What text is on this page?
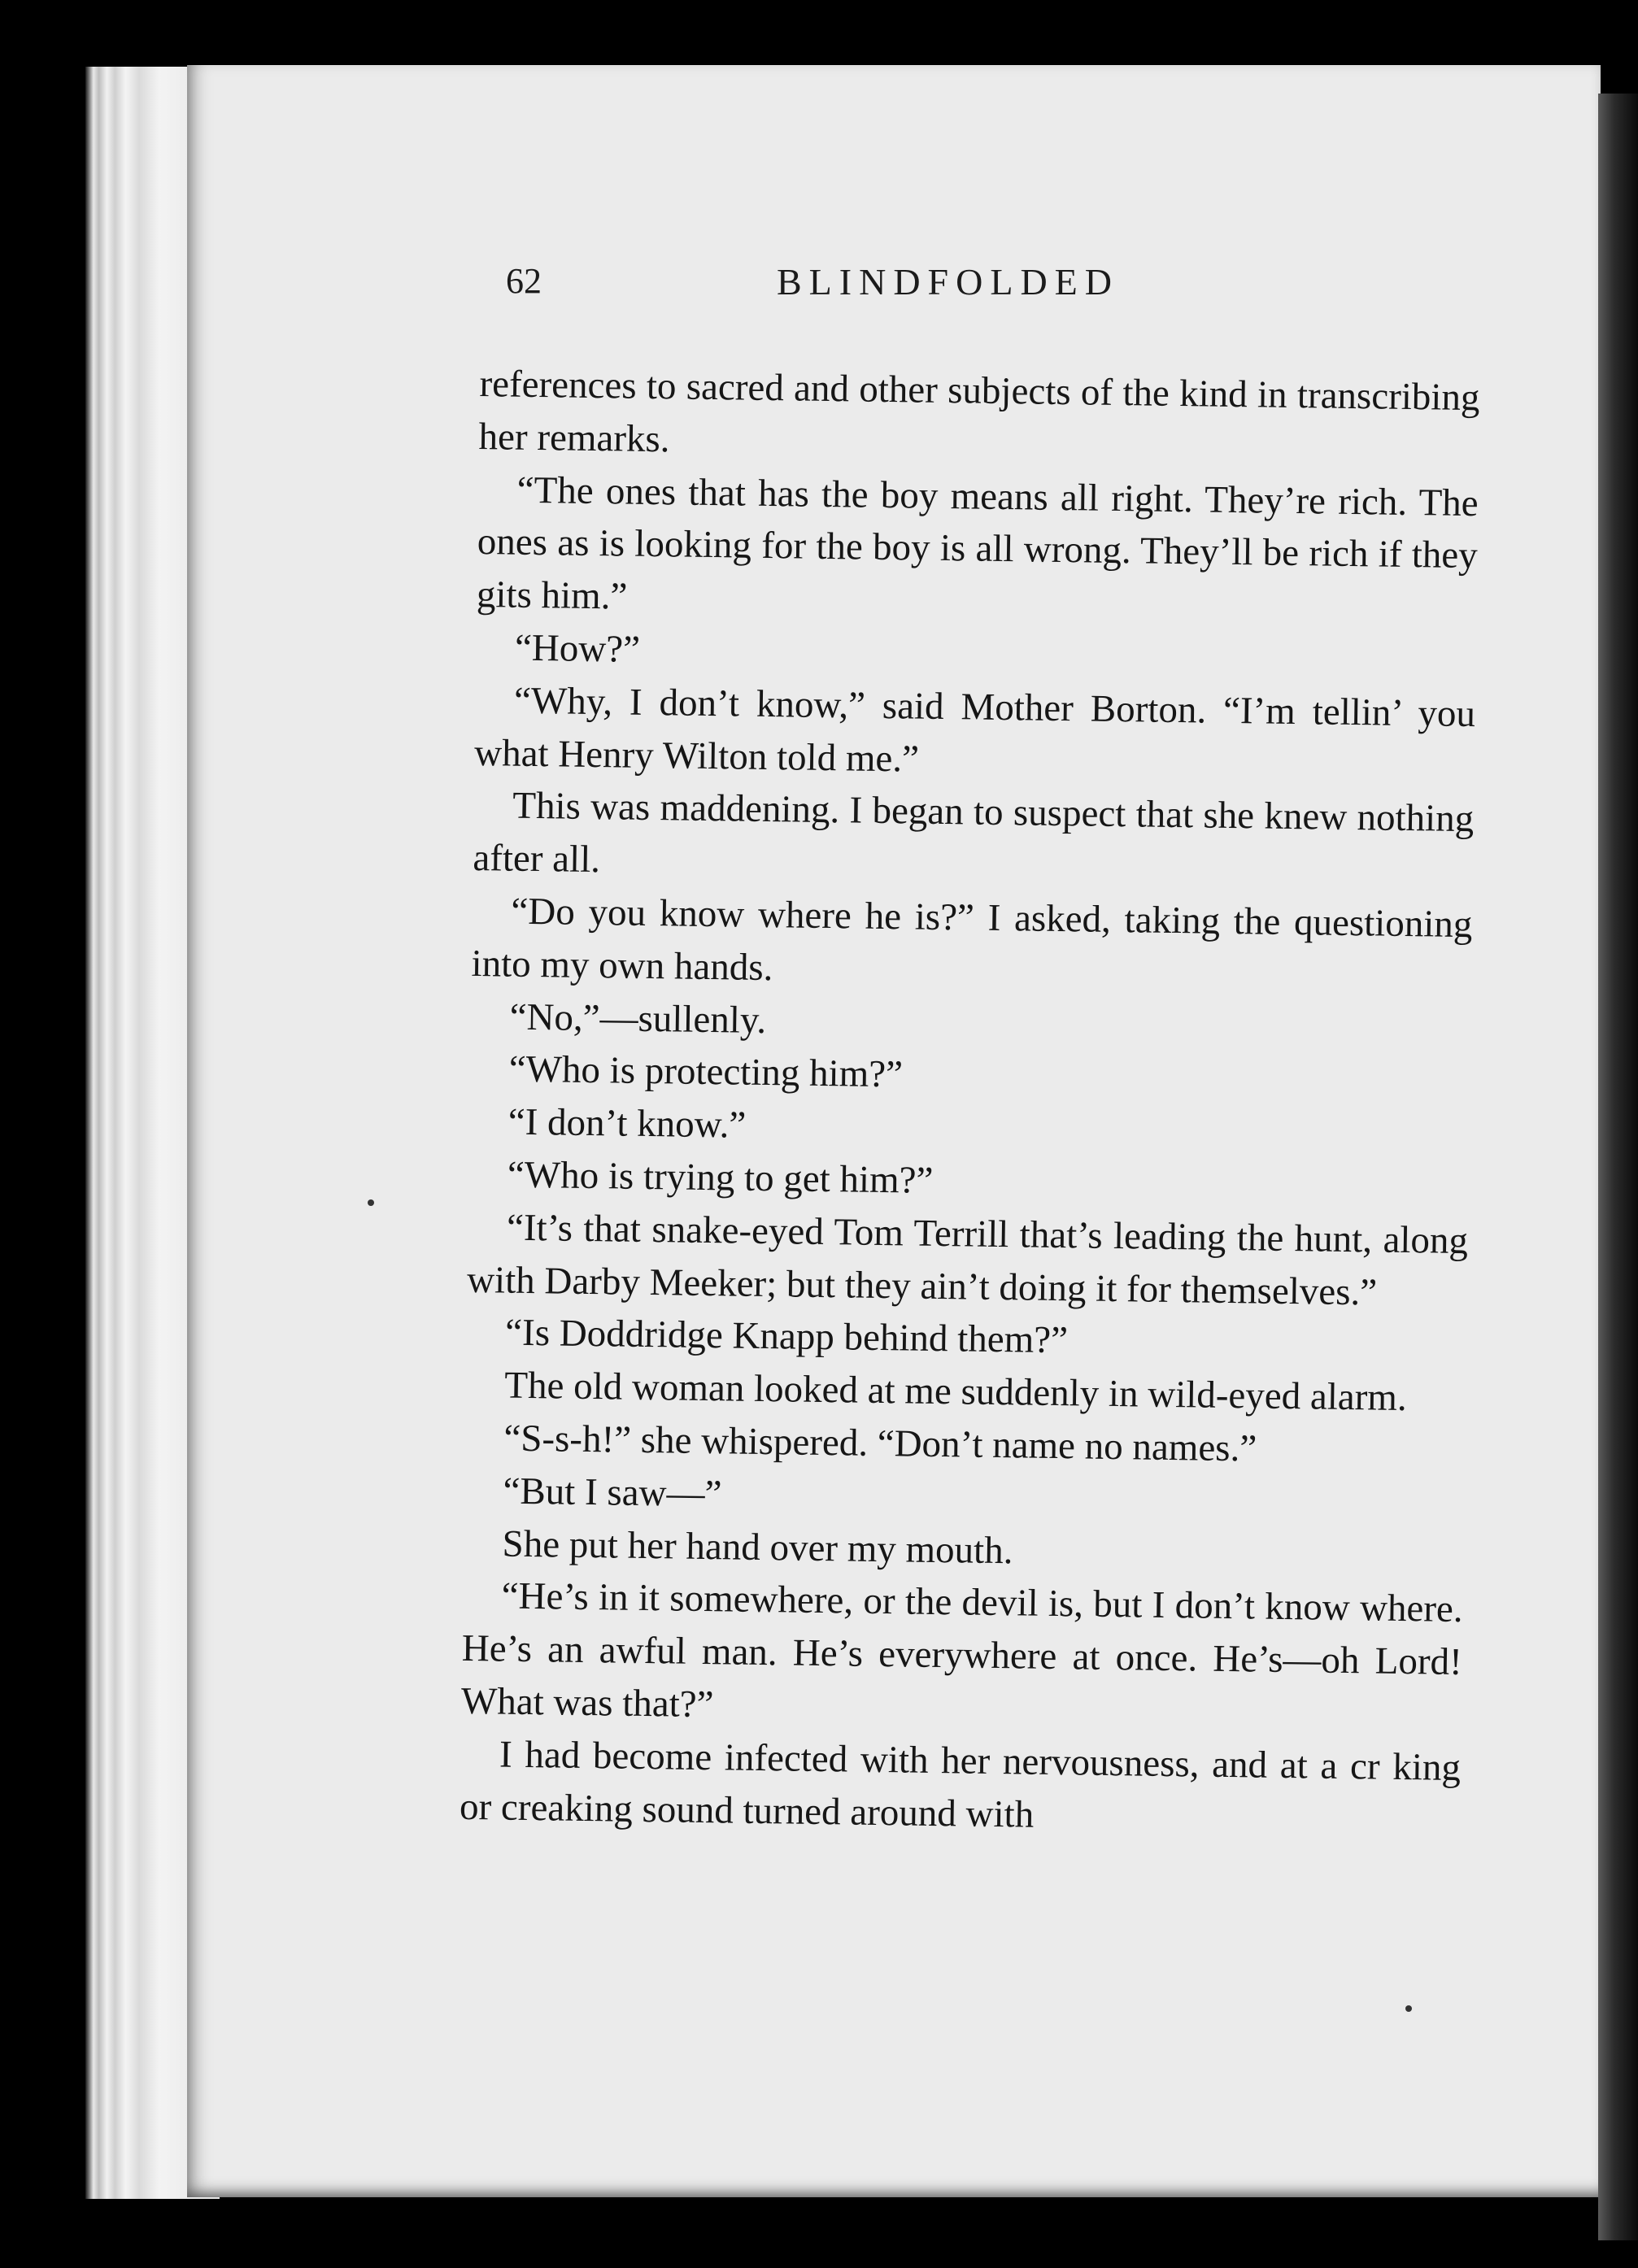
62	BLINDFOLDED

references to sacred and other subjects of the kind in transcribing her remarks.

“The ones that has the boy means all right. They’re rich. The ones as is looking for the boy is all wrong. They’ll be rich if they gits him.”

“How?”

“Why, I don’t know,” said Mother Borton. “I’m tellin’ you what Henry Wilton told me.”

This was maddening. I began to suspect that she knew nothing after all.

“Do you know where he is?” I asked, taking the questioning into my own hands.

“No,”—sullenly.

“Who is protecting him?”

“I don’t know.”

“Who is trying to get him?”

“It’s that snake-eyed Tom Terrill that’s leading the hunt, along with Darby Meeker; but they ain’t doing it for themselves.”

“Is Doddridge Knapp behind them?”

The old woman looked at me suddenly in wild-eyed alarm.

“S-s-h!” she whispered. “Don’t name no names.”

“But I saw—”

She put her hand over my mouth.

“He’s in it somewhere, or the devil is, but I don’t know where. He’s an awful man. He’s everywhere at once. He’s—oh Lord! What was that?”

I had become infected with her nervousness, and at a cr king or creaking sound turned around with
